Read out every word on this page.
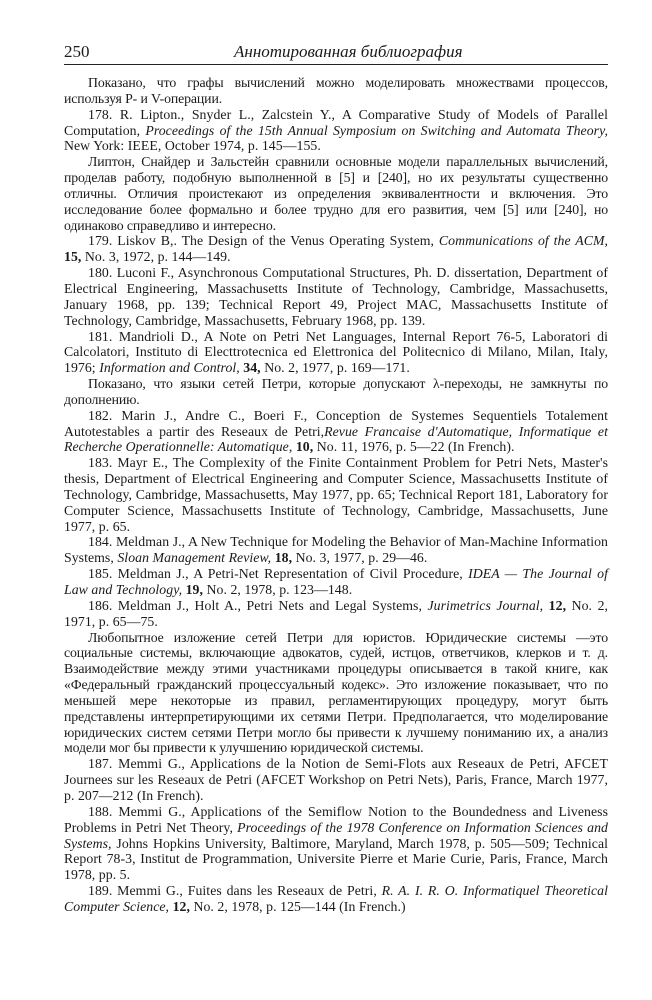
250	Аннотированная библиография

Показано, что графы вычислений можно моделировать множествами процессов, используя P- и V-операции.

178. R. Lipton., Snyder L., Zalcstein Y., A Comparative Study of Models of Parallel Computation, Proceedings of the 15th Annual Symposium on Switching and Automata Theory, New York: IEEE, October 1974, p. 145—155.

Липтон, Снайдер и Зальстейн сравнили основные модели параллельных вычислений, проделав работу, подобную выполненной в [5] и [240], но их результаты существенно отличны. Отличия проистекают из определения эквивалентности и включения. Это исследование более формально и более трудно для его развития, чем [5] или [240], но одинаково справедливо и интересно.

179. Liskov B,. The Design of the Venus Operating System, Communications of the ACM, 15, No. 3, 1972, p. 144—149.

180. Luconi F., Asynchronous Computational Structures, Ph. D. dissertation, Department of Electrical Engineering, Massachusetts Institute of Technology, Cambridge, Massachusetts, January 1968, pp. 139; Technical Report 49, Project MAC, Massachusetts Institute of Technology, Cambridge, Massachusetts, February 1968, pp. 139.

181. Mandrioli D., A Note on Petri Net Languages, Internal Report 76-5, Laboratori di Calcolatori, Instituto di Electtrotecnica ed Elettronica del Politecnico di Milano, Milan, Italy, 1976; Information and Control, 34, No. 2, 1977, p. 169—171.

Показано, что языки сетей Петри, которые допускают λ-переходы, не замкнуты по дополнению.

182. Marin J., Andre C., Boeri F., Conception de Systemes Sequentiels Totalement Autotestables a partir des Reseaux de Petri,Revue Francaise d'Automatique, Informatique et Recherche Operationnelle: Automatique, 10, No. 11, 1976, p. 5—22 (In French).

183. Mayr E., The Complexity of the Finite Containment Problem for Petri Nets, Master's thesis, Department of Electrical Engineering and Computer Science, Massachusetts Institute of Technology, Cambridge, Massachusetts, May 1977, pp. 65; Technical Report 181, Laboratory for Computer Science, Massachusetts Institute of Technology, Cambridge, Massachusetts, June 1977, p. 65.

184. Meldman J., A New Technique for Modeling the Behavior of Man-Machine Information Systems, Sloan Management Review, 18, No. 3, 1977, p. 29—46.

185. Meldman J., A Petri-Net Representation of Civil Procedure, IDEA — The Journal of Law and Technology, 19, No. 2, 1978, p. 123—148.

186. Meldman J., Holt A., Petri Nets and Legal Systems, Jurimetrics Journal, 12, No. 2, 1971, p. 65—75.

Любопытное изложение сетей Петри для юристов. Юридические системы —это социальные системы, включающие адвокатов, судей, истцов, ответчиков, клерков и т. д. Взаимодействие между этими участниками процедуры описывается в такой книге, как «Федеральный гражданский процессуальный кодекс». Это изложение показывает, что по меньшей мере некоторые из правил, регламентирующих процедуру, могут быть представлены интерпретирующими их сетями Петри. Предполагается, что моделирование юридических систем сетями Петри могло бы привести к лучшему пониманию их, а анализ модели мог бы привести к улучшению юридической системы.

187. Memmi G., Applications de la Notion de Semi-Flots aux Reseaux de Petri, AFCET Journees sur les Reseaux de Petri (AFCET Workshop on Petri Nets), Paris, France, March 1977, p. 207—212 (In French).

188. Memmi G., Applications of the Semiflow Notion to the Boundedness and Liveness Problems in Petri Net Theory, Proceedings of the 1978 Conference on Information Sciences and Systems, Johns Hopkins University, Baltimore, Maryland, March 1978, p. 505—509; Technical Report 78-3, Institut de Programmation, Universite Pierre et Marie Curie, Paris, France, March 1978, pp. 5.

189. Memmi G., Fuites dans les Reseaux de Petri, R. A. I. R. O. Informatiquel Theoretical Computer Science, 12, No. 2, 1978, p. 125—144 (In French.)
